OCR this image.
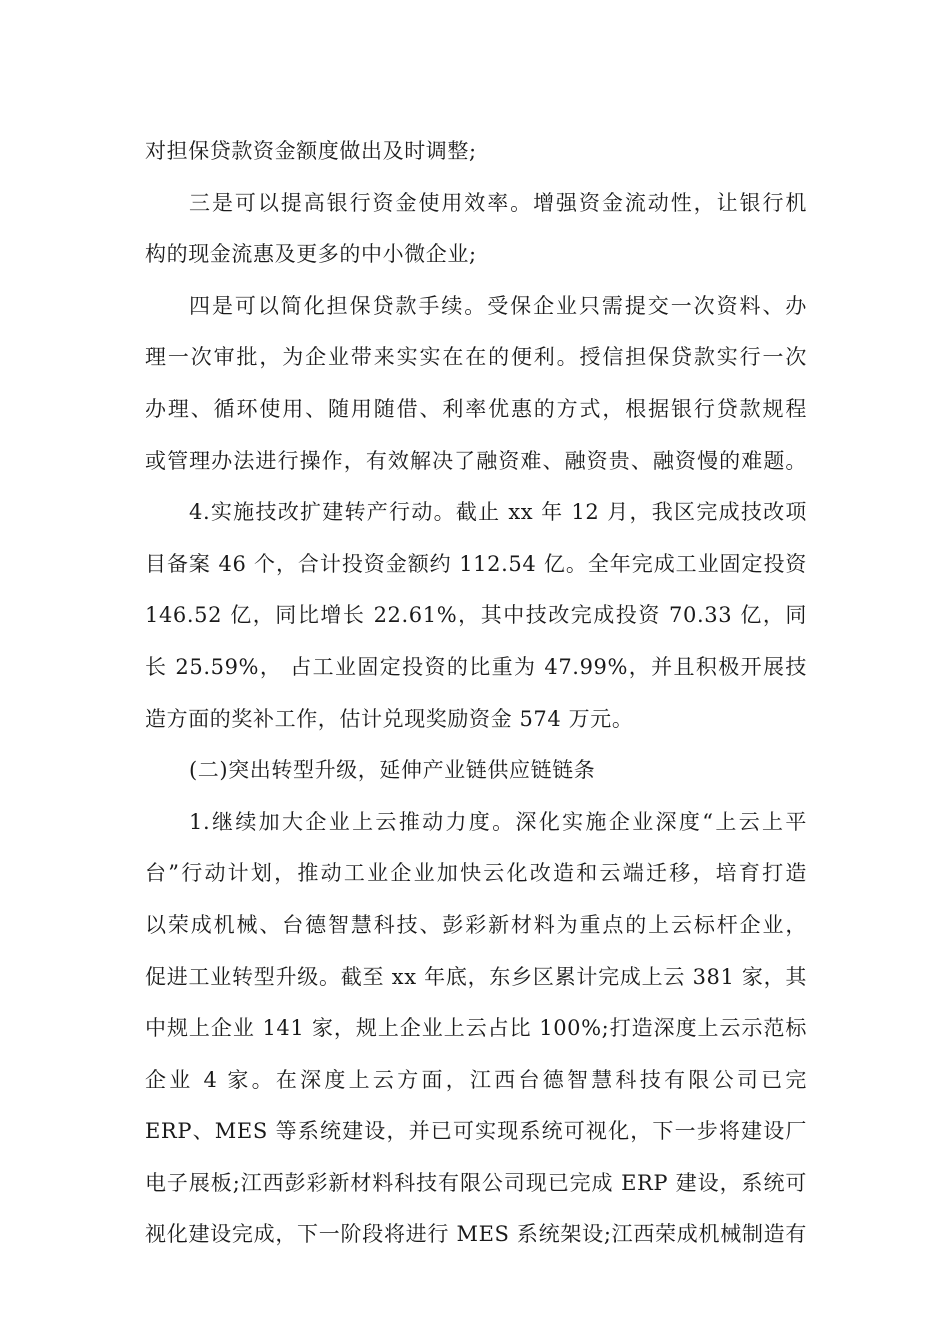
对担保贷款资金额度做出及时调整;
三是可以提高银行资金使用效率。增强资金流动性，让银行机
构的现金流惠及更多的中小微企业;
四是可以简化担保贷款手续。受保企业只需提交一次资料、办
理一次审批，为企业带来实实在在的便利。授信担保贷款实行一次
办理、循环使用、随用随借、利率优惠的方式，根据银行贷款规程
或管理办法进行操作，有效解决了融资难、融资贵、融资慢的难题。
4.实施技改扩建转产行动。截止 xx 年 12 月，我区完成技改项
目备案 46 个，合计投资金额约 112.54 亿。全年完成工业固定投资
146.52 亿，同比增长 22.61%，其中技改完成投资 70.33 亿，同
长 25.59%， 占工业固定投资的比重为 47.99%，并且积极开展技
造方面的奖补工作，估计兑现奖励资金 574 万元。
(二)突出转型升级，延伸产业链供应链链条
1.继续加大企业上云推动力度。深化实施企业深度“上云上平
台”行动计划，推动工业企业加快云化改造和云端迁移，培育打造
以荣成机械、台德智慧科技、彭彩新材料为重点的上云标杆企业，
促进工业转型升级。截至 xx 年底，东乡区累计完成上云 381 家，其
中规上企业 141 家，规上企业上云占比 100%;打造深度上云示范标
企业 4 家。在深度上云方面，江西台德智慧科技有限公司已完
ERP、MES 等系统建设，并已可实现系统可视化，下一步将建设厂
电子展板;江西彭彩新材料科技有限公司现已完成 ERP 建设，系统可
视化建设完成，下一阶段将进行 MES 系统架设;江西荣成机械制造有
